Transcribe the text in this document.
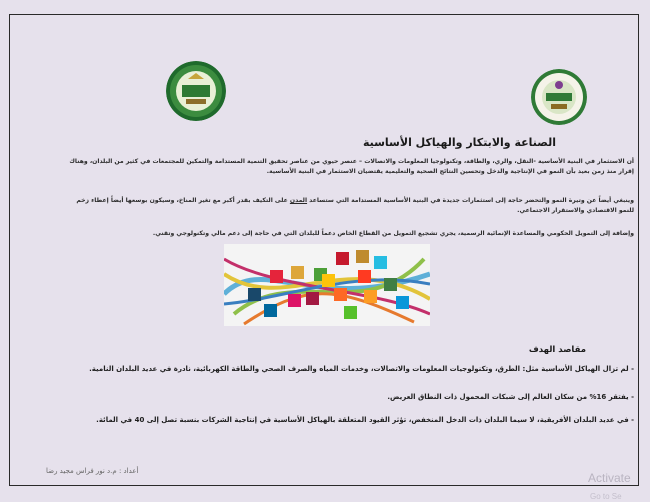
الصناعة والابتكار والهياكل الأساسية
أن الاستثمار في البنية الأساسية -النقل، والري، والطاقة، وتكنولوجيا المعلومات والاتصالات – عنصر حيوي من عناصر تحقيق التنمية المستدامة والتمكين للمجتمعات في كثير من البلدان، وهناك إقرار منذ زمن بعيد بأن النمو في الإنتاجية والدخل وتحسين النتائج الصحية والتعليمية يقتضيان الاستثمار في البنية الأساسية.
وينبغي أيضاً عن وتيرة النمو والتحضر حاجة إلى استثمارات جديدة في البنية الأساسية المستدامة التي ستساعد المدن على التكيف بقدر أكبر مع تغير المناخ، وسيكون بوسعها أيضاً إعطاء زخم للنمو الاقتصادي والاستقرار الاجتماعي.
وإضافة إلى التمويل الحكومي والمساعدة الإنمائية الرسمية، يجري تشجيع التمويل من القطاع الخاص دعماً للبلدان التي في حاجة إلى دعم مالي وتكنولوجي وتقني.
مقاصد الهدف
- لم تزال الهياكل الأساسية مثل: الطرق، وتكنولوجيات المعلومات والاتصالات، وخدمات المياه والصرف الصحي والطاقة الكهربائية، نادرة في عديد البلدان النامية.
- يفتقر 16% من سكان العالم إلى شبكات المحمول ذات النطاق العريض.
- في عديد البلدان الأفريقية، لا سيما البلدان ذات الدخل المنخفض، تؤثر القيود المتعلقة بالهياكل الأساسية في إنتاجية الشركات بنسبة تصل إلى 40 في المائة.
أعداد : م.د نور فراس مجيد رضا	Activate
Go to Se
